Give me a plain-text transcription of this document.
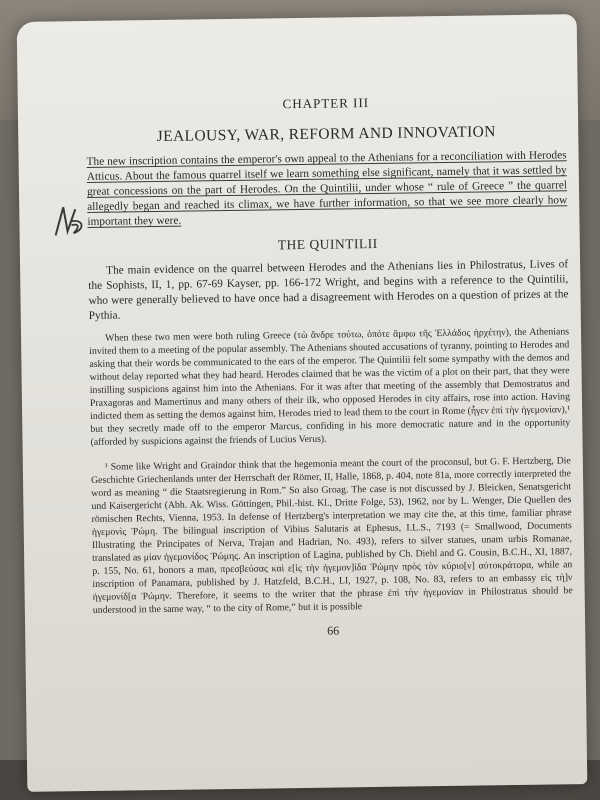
CHAPTER III
JEALOUSY, WAR, REFORM AND INNOVATION
The new inscription contains the emperor's own appeal to the Athenians for a reconciliation with Herodes Atticus. About the famous quarrel itself we learn something else significant, namely that it was settled by great concessions on the part of Herodes. On the Quintilii, under whose “ rule of Greece ” the quarrel allegedly began and reached its climax, we have further information, so that we see more clearly how important they were.
THE QUINTILII
The main evidence on the quarrel between Herodes and the Athenians lies in Philostratus, Lives of the Sophists, II, 1, pp. 67-69 Kayser, pp. 166-172 Wright, and begins with a reference to the Quintilii, who were generally believed to have once had a disagreement with Herodes on a question of prizes at the Pythia.
When these two men were both ruling Greece (τὼ ἄνδρε τούτω, ὁπότε ἄμφω τῆς Ἑλλάδος ἡρχέτην), the Athenians invited them to a meeting of the popular assembly. The Athenians shouted accusations of tyranny, pointing to Herodes and asking that their words be communicated to the ears of the emperor. The Quintilii felt some sympathy with the demos and without delay reported what they had heard. Herodes claimed that he was the victim of a plot on their part, that they were instilling suspicions against him into the Athenians. For it was after that meeting of the assembly that Demostratus and Praxagoras and Mamertinus and many others of their ilk, who opposed Herodes in city affairs, rose into action. Having indicted them as setting the demos against him, Herodes tried to lead them to the court in Rome (ἦγεν ἐπὶ τὴν ἡγεμονίαν),¹ but they secretly made off to the emperor Marcus, confiding in his more democratic nature and in the opportunity (afforded by suspicions against the friends of Lucius Verus).
¹ Some like Wright and Graindor think that the hegemonia meant the court of the proconsul, but G. F. Hertzberg, Die Geschichte Griechenlands unter der Herrschaft der Römer, II, Halle, 1868, p. 404, note 81a, more correctly interpreted the word as meaning “ die Staatsregierung in Rom.” So also Groag. The case is not discussed by J. Bleicken, Senatsgericht und Kaisergericht (Abh. Ak. Wiss. Göttingen, Phil.-hist. Kl., Dritte Folge, 53), 1962, nor by L. Wenger, Die Quellen des römischen Rechts, Vienna, 1953. In defense of Hertzberg's interpretation we may cite the, at this time, familiar phrase ἡγεμονὶς Ῥώμη. The bilingual inscription of Vibius Salutaris at Ephesus, I.L.S., 7193 (= Smallwood, Documents Illustrating the Principates of Nerva, Trajan and Hadrian, No. 493), refers to silver statues, unam urbis Romanae, translated as μίαν ἡγεμονίδος Ῥώμης. An inscription of Lagina, published by Ch. Diehl and G. Cousin, B.C.H., XI, 1887, p. 155, No. 61, honors a man, πρεσβεύσας καὶ ε[ἰς τὴν ἡγεμον]ίδα Ῥώμην πρὸς τὸν κύριο[ν] αὐτοκράτορα, while an inscription of Panamara, published by J. Hatzfeld, B.C.H., LI, 1927, p. 108, No. 83, refers to an embassy εἰς τὴ]ν ἡγεμονίδ[α Ῥώμην. Therefore, it seems to the writer that the phrase ἐπὶ τὴν ἡγεμονίαν in Philostratus should be understood in the same way, “ to the city of Rome,” but it is possible
66
